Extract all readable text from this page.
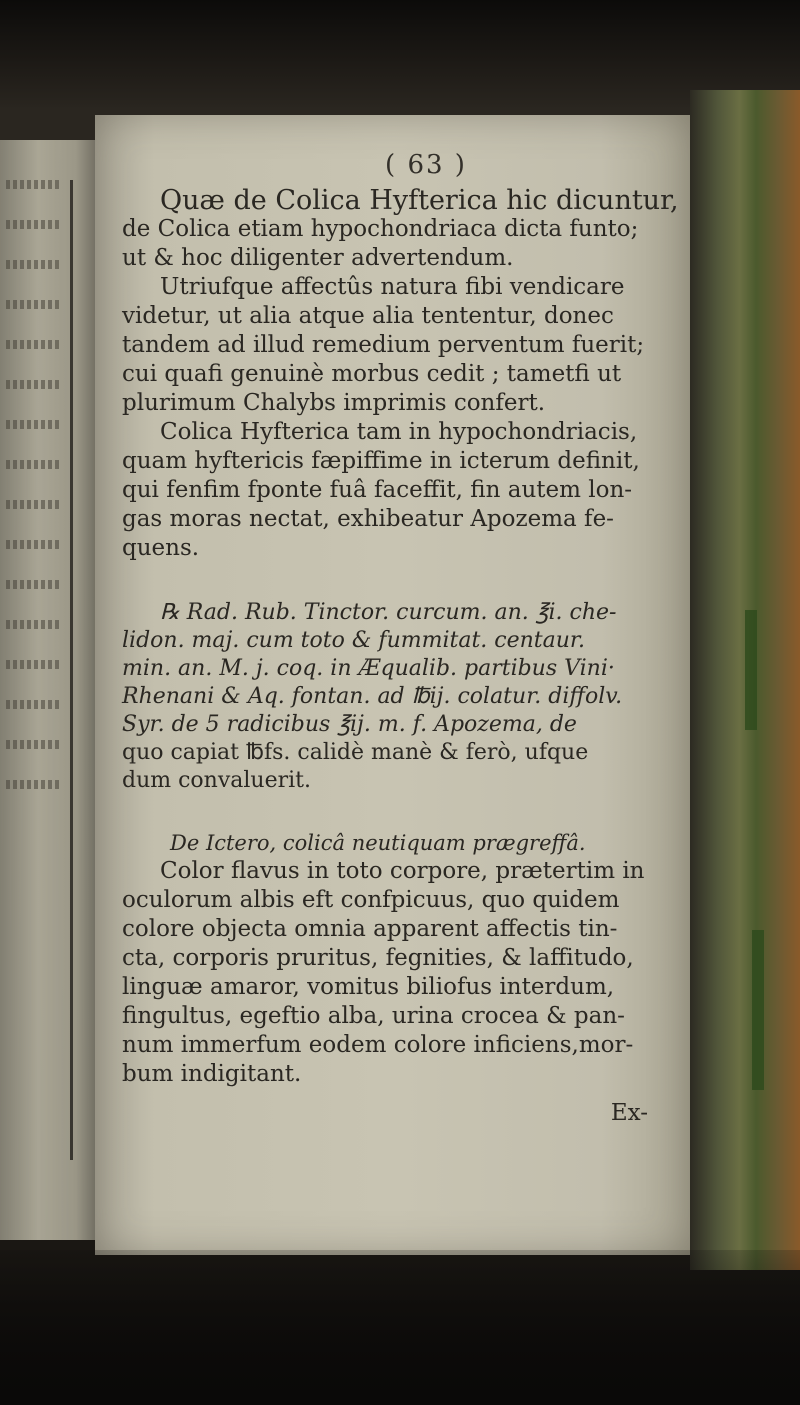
( 63 )

Quæ de Colica Hyfterica hic dicuntur,

de Colica etiam hypochondriaca dicta funto;

ut & hoc diligenter advertendum.

Utriufque affectûs natura fibi vendicare

videtur, ut alia atque alia tententur, donec

tandem ad illud remedium perventum fuerit;

cui quafi genuinè morbus cedit ; tametfi ut

plurimum Chalybs imprimis confert.

Colica Hyfterica tam in hypochondriacis,

quam hyftericis fæpiffime in icterum definit,

qui fenfim fponte fuâ faceffit, fin autem lon-

gas moras nectat, exhibeatur Apozema fe-

quens.

℞ Rad. Rub. Tinctor. curcum. an. ℥i. che-

lidon. maj. cum toto & fummitat. centaur.

min. an. M. j. coq. in Æqualib. partibus Vini·

Rhenani & Aq. fontan. ad ℔ij. colatur. diffolv.

Syr. de 5 radicibus ℥ij. m. f. Apozema, de

quo capiat ℔fs. calidè manè & ferò, ufque

dum convaluerit.

De Ictero, colicâ neutiquam prægreffâ.

Color flavus in toto corpore, prætertim in

oculorum albis eft confpicuus, quo quidem

colore objecta omnia apparent affectis tin-

cta, corporis pruritus, fegnities, & laffitudo,

linguæ amaror, vomitus biliofus interdum,

fingultus, egeftio alba, urina crocea & pan-

num immerfum eodem colore inficiens,mor-

bum indigitant.

Ex-
